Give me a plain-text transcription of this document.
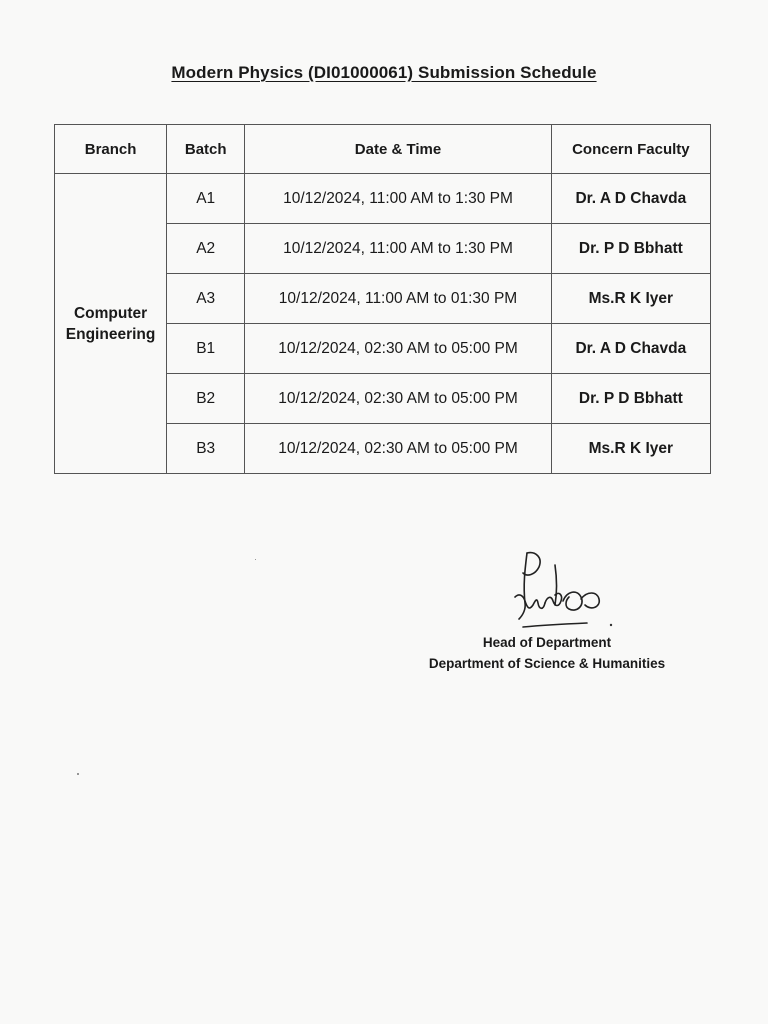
Modern Physics (DI01000061) Submission Schedule
Branch	Batch	Date & Time	Concern Faculty
Computer
Engineering	A1	10/12/2024, 11:00 AM to 1:30 PM	Dr. A D Chavda
	A2	10/12/2024, 11:00 AM to 1:30 PM	Dr. P D Bbhatt
	A3	10/12/2024, 11:00 AM to 01:30 PM	Ms.R K Iyer
	B1	10/12/2024, 02:30 AM to 05:00 PM	Dr. A D Chavda
	B2	10/12/2024, 02:30 AM to 05:00 PM	Dr. P D Bbhatt
	B3	10/12/2024, 02:30 AM to 05:00 PM	Ms.R K Iyer
Head of Department
Department of Science & Humanities
